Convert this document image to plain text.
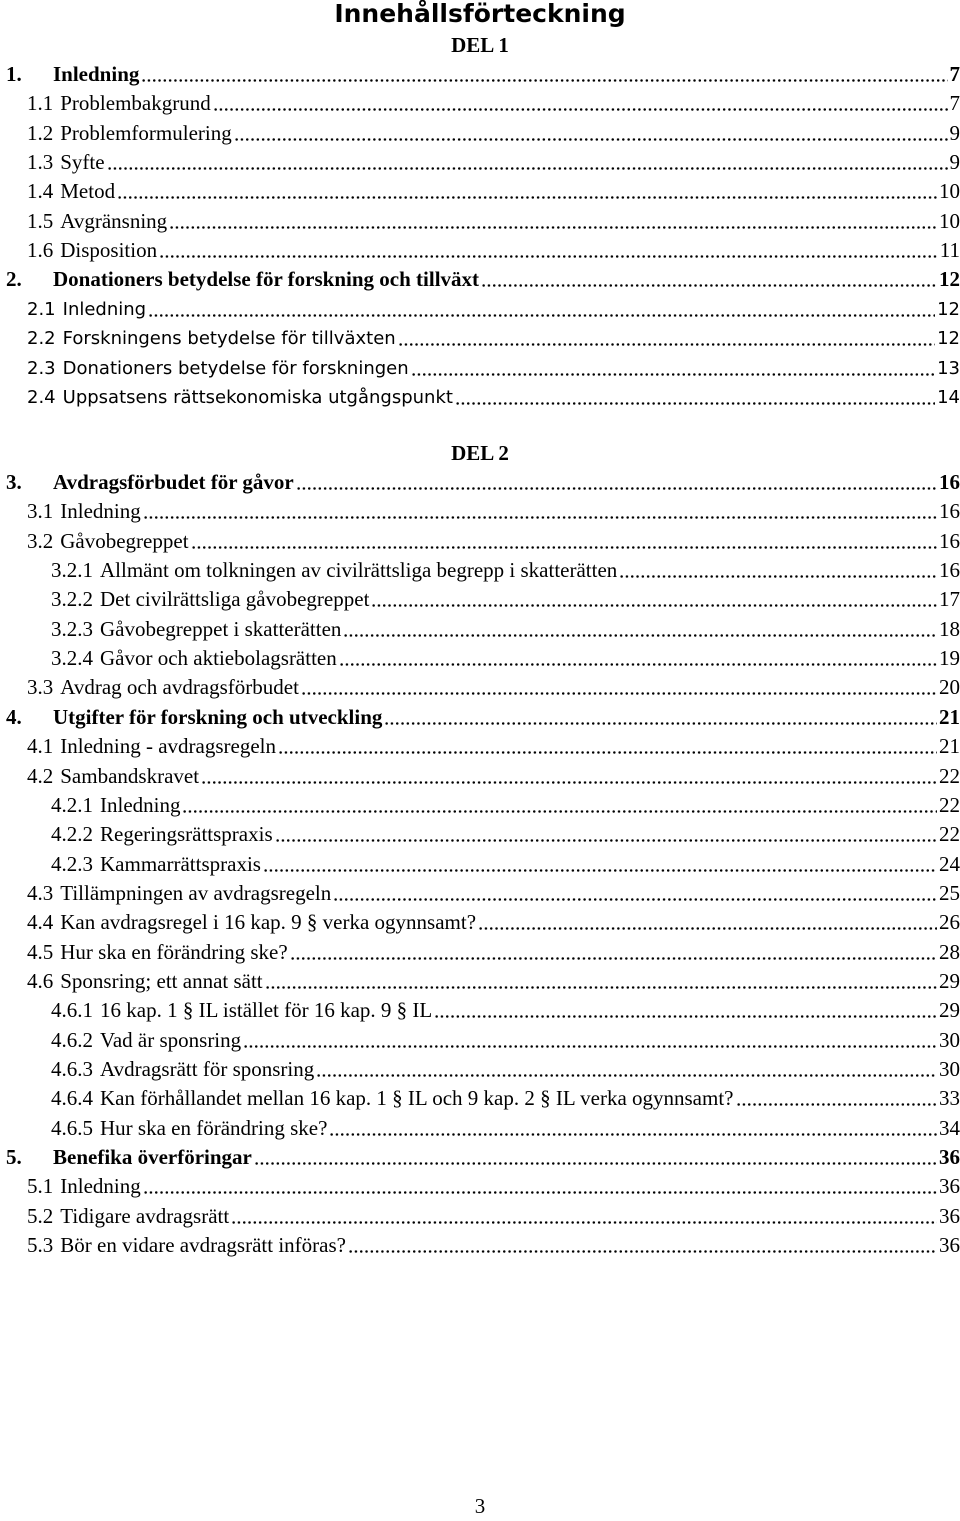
Innehållsförteckning
DEL 1
1.	Inledning	7
1.1 Problembakgrund	7
1.2 Problemformulering	9
1.3 Syfte	9
1.4 Metod	10
1.5 Avgränsning	10
1.6 Disposition	11
2.	Donationers betydelse för forskning och tillväxt	12
2.1 Inledning	12
2.2 Forskningens betydelse för tillväxten	12
2.3 Donationers betydelse för forskningen	13
2.4 Uppsatsens rättsekonomiska utgångspunkt	14
DEL 2
3.	Avdragsförbudet för gåvor	16
3.1 Inledning	16
3.2 Gåvobegreppet	16
3.2.1 Allmänt om tolkningen av civilrättsliga begrepp i skatterätten	16
3.2.2 Det civilrättsliga gåvobegreppet	17
3.2.3 Gåvobegreppet i skatterätten	18
3.2.4 Gåvor och aktiebolagsrätten	19
3.3 Avdrag och avdragsförbudet	20
4.	Utgifter för forskning och utveckling	21
4.1 Inledning - avdragsregeln	21
4.2 Sambandskravet	22
4.2.1 Inledning	22
4.2.2 Regeringsrättspraxis	22
4.2.3 Kammarrättspraxis	24
4.3 Tillämpningen av avdragsregeln	25
4.4 Kan avdragsregel i 16 kap. 9 § verka ogynnsamt?	26
4.5 Hur ska en förändring ske?	28
4.6 Sponsring; ett annat sätt	29
4.6.1 16 kap. 1 § IL istället för 16 kap. 9 § IL	29
4.6.2 Vad är sponsring	30
4.6.3 Avdragsrätt för sponsring	30
4.6.4 Kan förhållandet mellan 16 kap. 1 § IL och 9 kap. 2 § IL verka ogynnsamt?	33
4.6.5 Hur ska en förändring ske?	34
5.	Benefika överföringar	36
5.1 Inledning	36
5.2 Tidigare avdragsrätt	36
5.3 Bör en vidare avdragsrätt införas?	36
3
